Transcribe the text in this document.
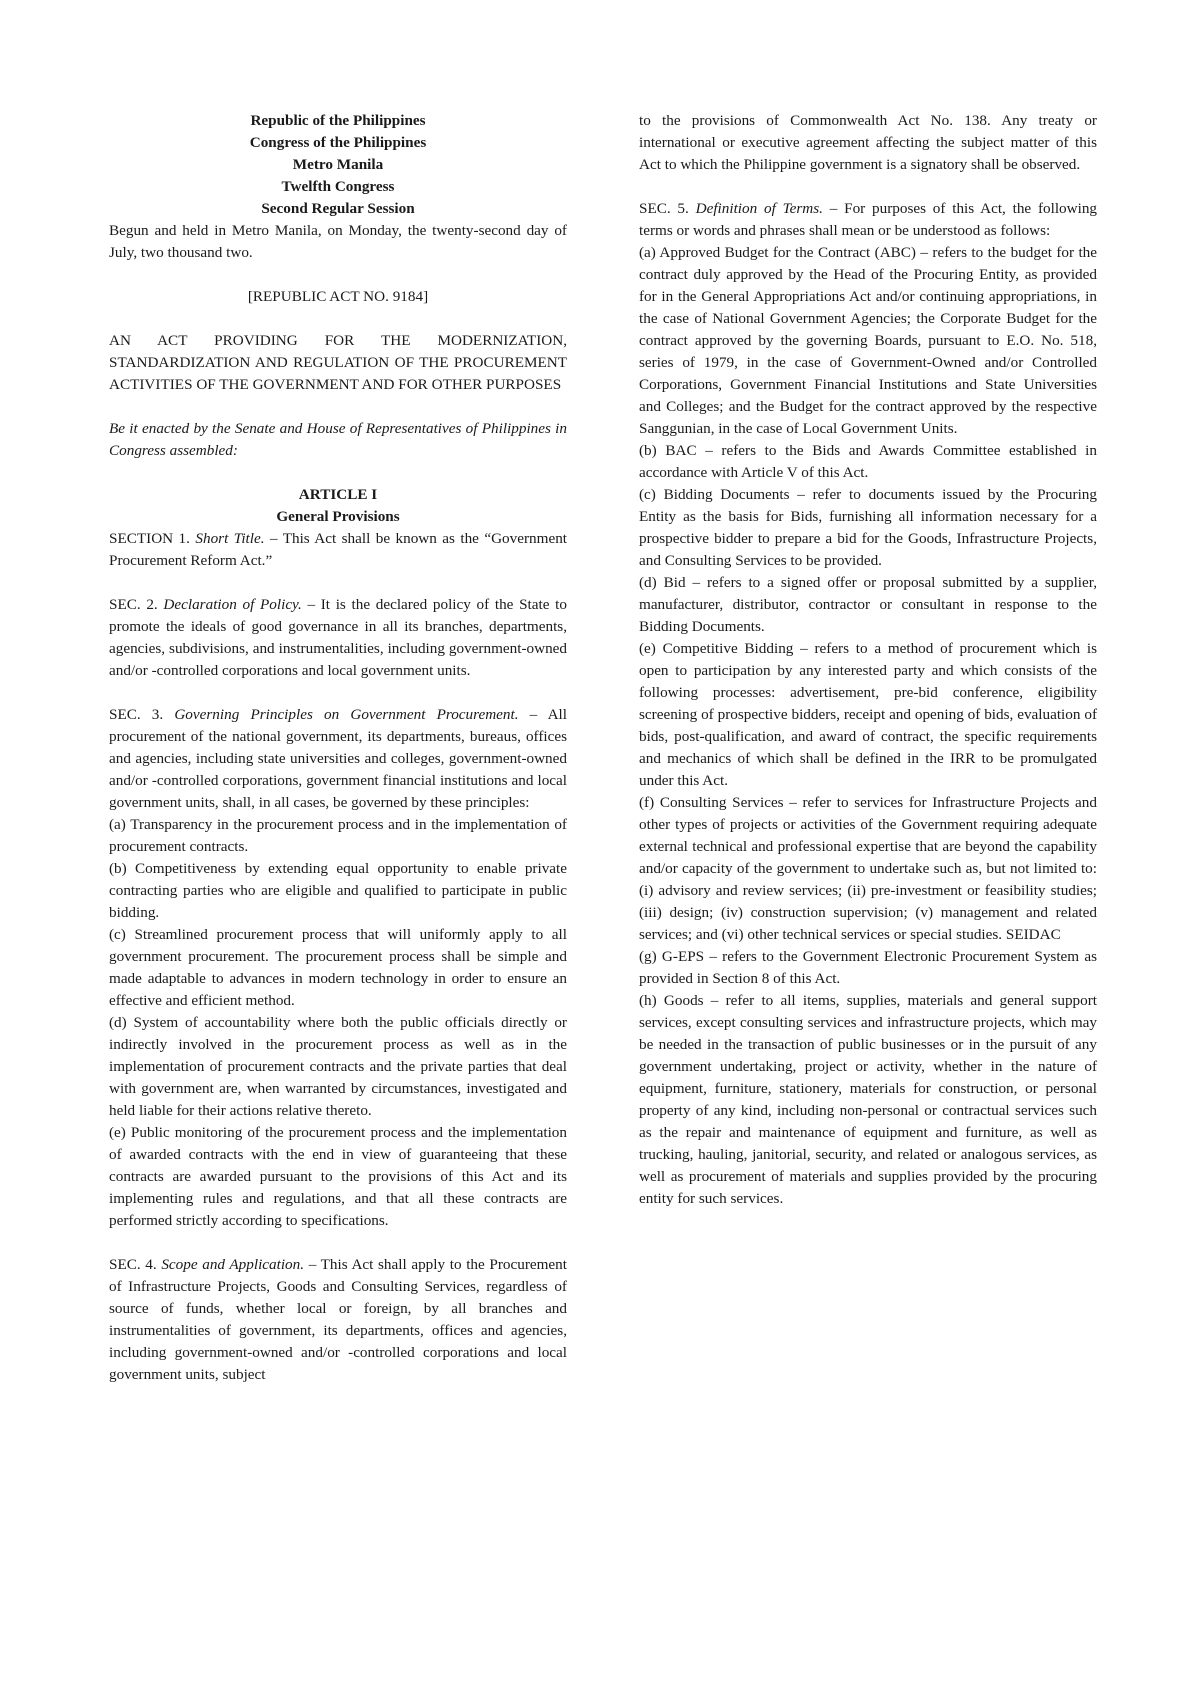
Republic of the Philippines

Congress of the Philippines

Metro Manila

Twelfth Congress

Second Regular Session

Begun and held in Metro Manila, on Monday, the twenty-second day of July, two thousand two.

[REPUBLIC ACT NO. 9184]

AN ACT PROVIDING FOR THE MODERNIZATION, STANDARDIZATION AND REGULATION OF THE PROCUREMENT ACTIVITIES OF THE GOVERNMENT AND FOR OTHER PURPOSES

Be it enacted by the Senate and House of Representatives of Philippines in Congress assembled:

ARTICLE I

General Provisions

SECTION 1. Short Title. – This Act shall be known as the “Government Procurement Reform Act.”

SEC. 2. Declaration of Policy. – It is the declared policy of the State to promote the ideals of good governance in all its branches, departments, agencies, subdivisions, and instrumentalities, including government-owned and/or -controlled corporations and local government units.

SEC. 3. Governing Principles on Government Procurement. – All procurement of the national government, its departments, bureaus, offices and agencies, including state universities and colleges, government-owned and/or -controlled corporations, government financial institutions and local government units, shall, in all cases, be governed by these principles:

(a) Transparency in the procurement process and in the implementation of procurement contracts.

(b) Competitiveness by extending equal opportunity to enable private contracting parties who are eligible and qualified to participate in public bidding.

(c) Streamlined procurement process that will uniformly apply to all government procurement. The procurement process shall be simple and made adaptable to advances in modern technology in order to ensure an effective and efficient method.

(d) System of accountability where both the public officials directly or indirectly involved in the procurement process as well as in the implementation of procurement contracts and the private parties that deal with government are, when warranted by circumstances, investigated and held liable for their actions relative thereto.

(e) Public monitoring of the procurement process and the implementation of awarded contracts with the end in view of guaranteeing that these contracts are awarded pursuant to the provisions of this Act and its implementing rules and regulations, and that all these contracts are performed strictly according to specifications.

SEC. 4. Scope and Application. – This Act shall apply to the Procurement of Infrastructure Projects, Goods and Consulting Services, regardless of source of funds, whether local or foreign, by all branches and instrumentalities of government, its departments, offices and agencies, including government-owned and/or -controlled corporations and local government units, subject

to the provisions of Commonwealth Act No. 138. Any treaty or international or executive agreement affecting the subject matter of this Act to which the Philippine government is a signatory shall be observed.

SEC. 5. Definition of Terms. – For purposes of this Act, the following terms or words and phrases shall mean or be understood as follows:

(a) Approved Budget for the Contract (ABC) – refers to the budget for the contract duly approved by the Head of the Procuring Entity, as provided for in the General Appropriations Act and/or continuing appropriations, in the case of National Government Agencies; the Corporate Budget for the contract approved by the governing Boards, pursuant to E.O. No. 518, series of 1979, in the case of Government-Owned and/or Controlled Corporations, Government Financial Institutions and State Universities and Colleges; and the Budget for the contract approved by the respective Sanggunian, in the case of Local Government Units.

(b) BAC – refers to the Bids and Awards Committee established in accordance with Article V of this Act.

(c) Bidding Documents – refer to documents issued by the Procuring Entity as the basis for Bids, furnishing all information necessary for a prospective bidder to prepare a bid for the Goods, Infrastructure Projects, and Consulting Services to be provided.

(d) Bid – refers to a signed offer or proposal submitted by a supplier, manufacturer, distributor, contractor or consultant in response to the Bidding Documents.

(e) Competitive Bidding – refers to a method of procurement which is open to participation by any interested party and which consists of the following processes: advertisement, pre-bid conference, eligibility screening of prospective bidders, receipt and opening of bids, evaluation of bids, post-qualification, and award of contract, the specific requirements and mechanics of which shall be defined in the IRR to be promulgated under this Act.

(f) Consulting Services – refer to services for Infrastructure Projects and other types of projects or activities of the Government requiring adequate external technical and professional expertise that are beyond the capability and/or capacity of the government to undertake such as, but not limited to: (i) advisory and review services; (ii) pre-investment or feasibility studies; (iii) design; (iv) construction supervision; (v) management and related services; and (vi) other technical services or special studies. SEIDAC

(g) G-EPS – refers to the Government Electronic Procurement System as provided in Section 8 of this Act.

(h) Goods – refer to all items, supplies, materials and general support services, except consulting services and infrastructure projects, which may be needed in the transaction of public businesses or in the pursuit of any government undertaking, project or activity, whether in the nature of equipment, furniture, stationery, materials for construction, or personal property of any kind, including non-personal or contractual services such as the repair and maintenance of equipment and furniture, as well as trucking, hauling, janitorial, security, and related or analogous services, as well as procurement of materials and supplies provided by the procuring entity for such services.
